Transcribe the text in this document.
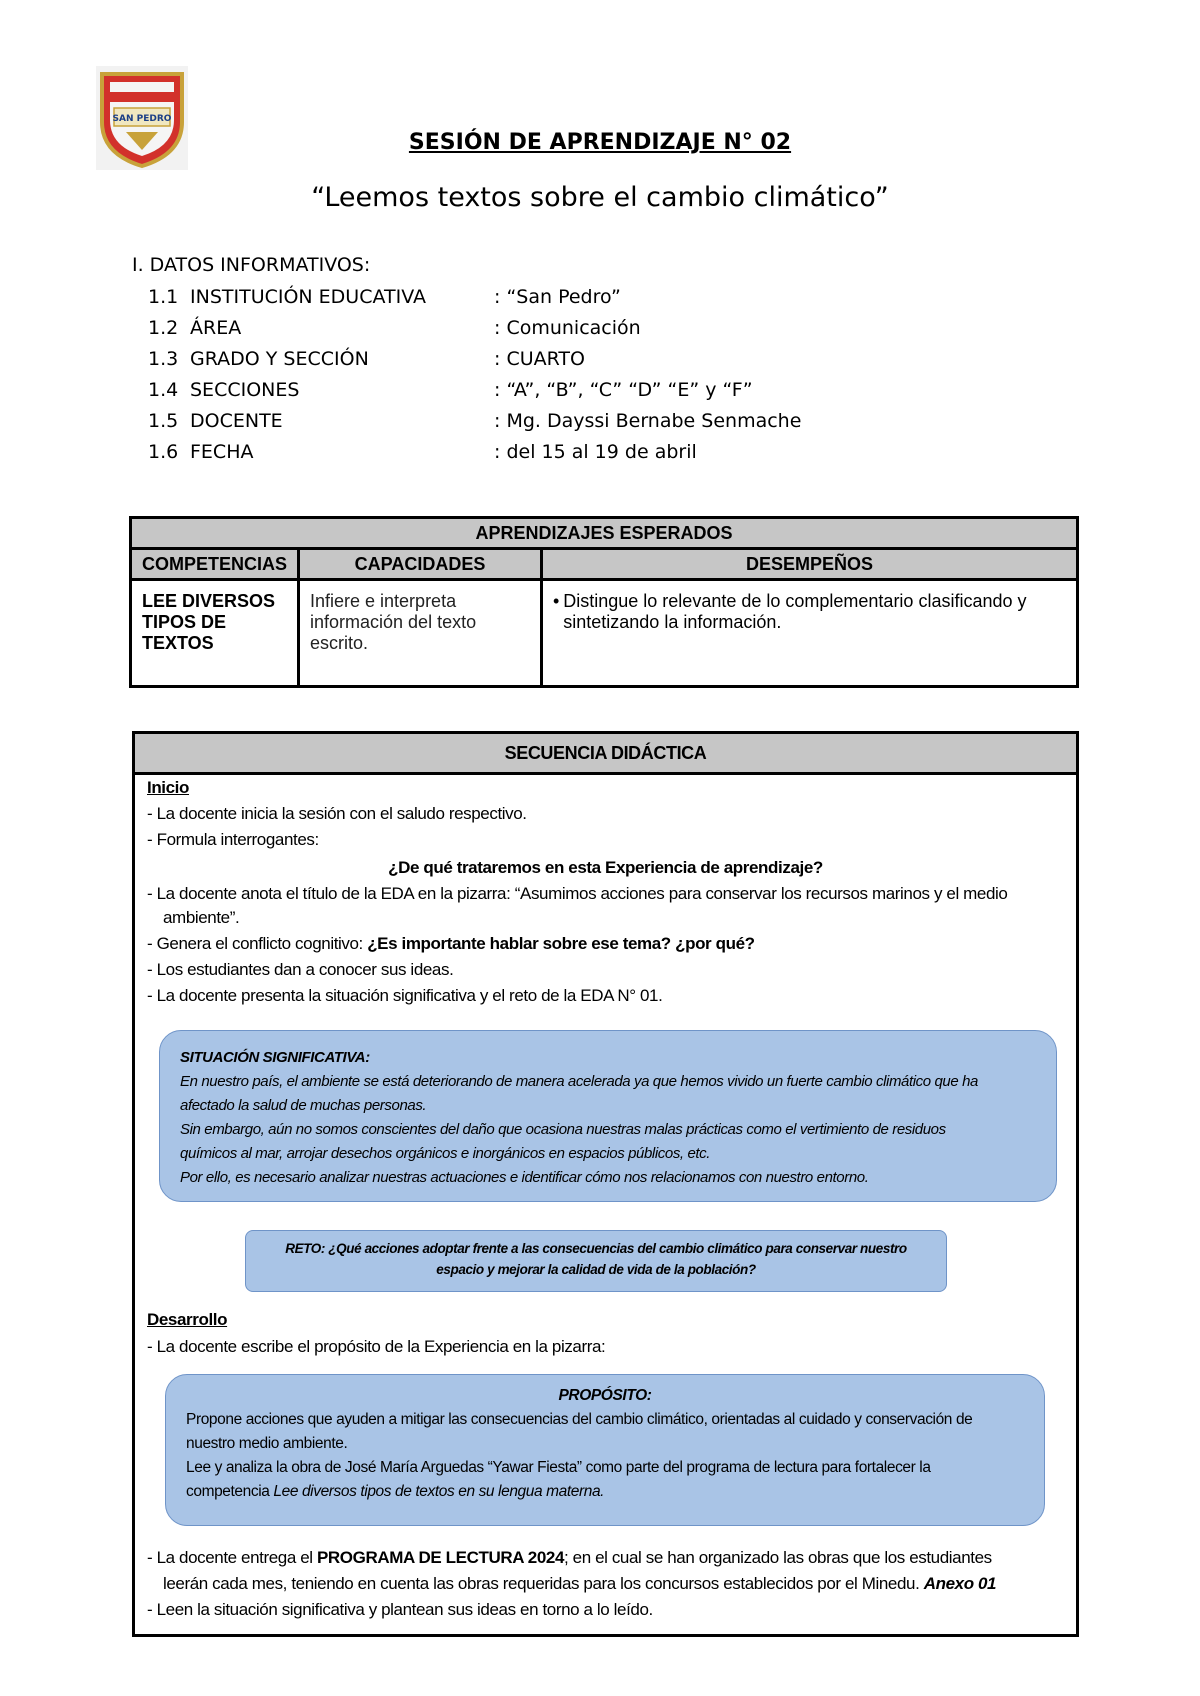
SAN PEDRO
SESIÓN DE APRENDIZAJE N° 02
“Leemos textos sobre el cambio climático”
I. DATOS INFORMATIVOS:
1.1 INSTITUCIÓN EDUCATIVA	: “San Pedro”
1.2 ÁREA	: Comunicación
1.3 GRADO Y SECCIÓN	: CUARTO
1.4 SECCIONES	: “A”, “B”, “C” “D” “E” y “F”
1.5 DOCENTE	: Mg. Dayssi Bernabe Senmache
1.6 FECHA	: del 15 al 19 de abril
APRENDIZAJES ESPERADOS		
COMPETENCIAS	CAPACIDADES	DESEMPEÑOS
LEE DIVERSOS TIPOS DE TEXTOS	Infiere e interpreta información del texto escrito.	• Distingue lo relevante de lo complementario clasificando y sintetizando la información.
SECUENCIA DIDÁCTICA
Inicio
- La docente inicia la sesión con el saludo respectivo.
- Formula interrogantes:
¿De qué trataremos en esta Experiencia de aprendizaje?
- La docente anota el título de la EDA en la pizarra: “Asumimos acciones para conservar los recursos marinos y el medio
ambiente”.
- Genera el conflicto cognitivo: ¿Es importante hablar sobre ese tema? ¿por qué?
- Los estudiantes dan a conocer sus ideas.
- La docente presenta la situación significativa y el reto de la EDA N° 01.
SITUACIÓN SIGNIFICATIVA:
En nuestro país, el ambiente se está deteriorando de manera acelerada ya que hemos vivido un fuerte cambio climático que ha
afectado la salud de muchas personas.
Sin embargo, aún no somos conscientes del daño que ocasiona nuestras malas prácticas como el vertimiento de residuos
químicos al mar, arrojar desechos orgánicos e inorgánicos en espacios públicos, etc.
Por ello, es necesario analizar nuestras actuaciones e identificar cómo nos relacionamos con nuestro entorno.
RETO: ¿Qué acciones adoptar frente a las consecuencias del cambio climático para conservar nuestro
espacio y mejorar la calidad de vida de la población?
Desarrollo
- La docente escribe el propósito de la Experiencia en la pizarra:
PROPÓSITO:
Propone acciones que ayuden a mitigar las consecuencias del cambio climático, orientadas al cuidado y conservación de
nuestro medio ambiente.
Lee y analiza la obra de José María Arguedas “Yawar Fiesta” como parte del programa de lectura para fortalecer la
competencia Lee diversos tipos de textos en su lengua materna.
- La docente entrega el PROGRAMA DE LECTURA 2024; en el cual se han organizado las obras que los estudiantes
leerán cada mes, teniendo en cuenta las obras requeridas para los concursos establecidos por el Minedu. Anexo 01
- Leen la situación significativa y plantean sus ideas en torno a lo leído.
